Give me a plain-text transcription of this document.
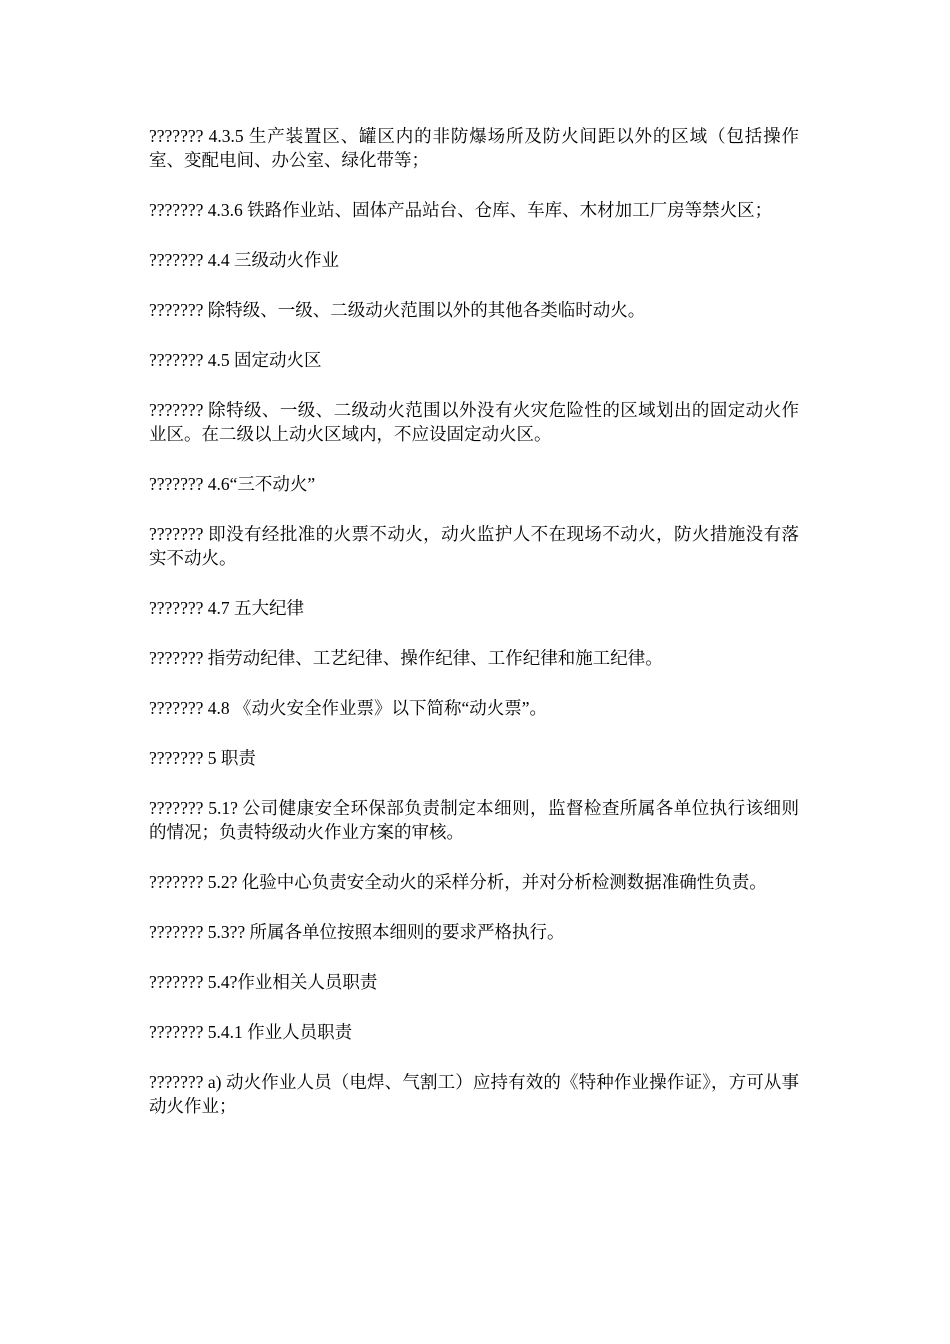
??????? 4.3.5 生产装置区、罐区内的非防爆场所及防火间距以外的区域（包括操作室、变配电间、办公室、绿化带等；

??????? 4.3.6 铁路作业站、固体产品站台、仓库、车库、木材加工厂房等禁火区；

??????? 4.4 三级动火作业

??????? 除特级、一级、二级动火范围以外的其他各类临时动火。

??????? 4.5 固定动火区

??????? 除特级、一级、二级动火范围以外没有火灾危险性的区域划出的固定动火作业区。在二级以上动火区域内，不应设固定动火区。

??????? 4.6“三不动火”

??????? 即没有经批准的火票不动火，动火监护人不在现场不动火，防火措施没有落实不动火。

??????? 4.7 五大纪律

??????? 指劳动纪律、工艺纪律、操作纪律、工作纪律和施工纪律。

??????? 4.8 《动火安全作业票》以下简称“动火票”。

??????? 5 职责

??????? 5.1? 公司健康安全环保部负责制定本细则，监督检查所属各单位执行该细则的情况；负责特级动火作业方案的审核。

??????? 5.2? 化验中心负责安全动火的采样分析，并对分析检测数据准确性负责。

??????? 5.3?? 所属各单位按照本细则的要求严格执行。

??????? 5.4?作业相关人员职责

??????? 5.4.1 作业人员职责

??????? a) 动火作业人员（电焊、气割工）应持有效的《特种作业操作证》，方可从事动火作业；
